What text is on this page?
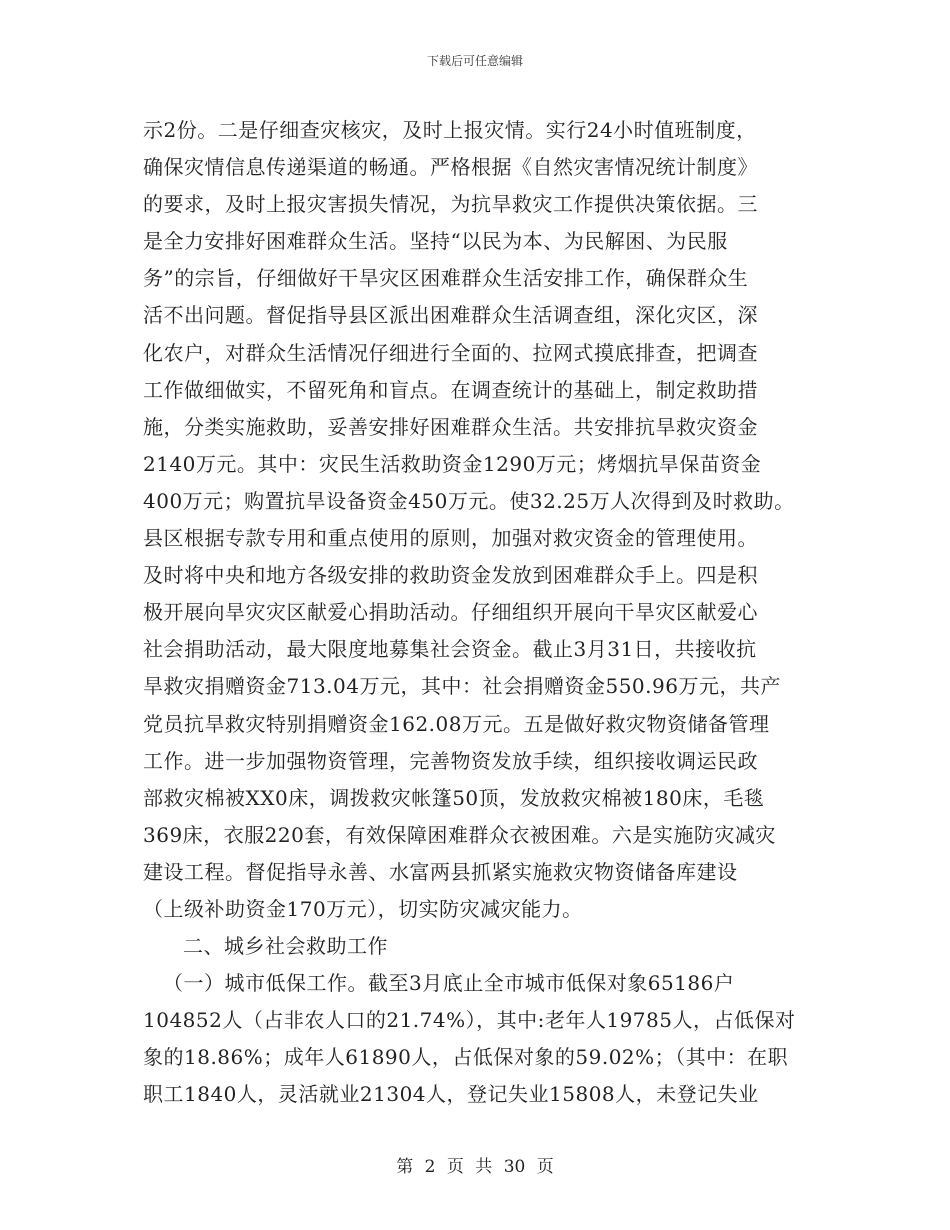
下载后可任意编辑
示2份。二是仔细查灾核灾，及时上报灾情。实行24小时值班制度，
确保灾情信息传递渠道的畅通。严格根据《自然灾害情况统计制度》
的要求，及时上报灾害损失情况，为抗旱救灾工作提供决策依据。三
是全力安排好困难群众生活。坚持“以民为本、为民解困、为民服
务”的宗旨，仔细做好干旱灾区困难群众生活安排工作，确保群众生
活不出问题。督促指导县区派出困难群众生活调查组，深化灾区，深
化农户，对群众生活情况仔细进行全面的、拉网式摸底排查，把调查
工作做细做实，不留死角和盲点。在调查统计的基础上，制定救助措
施，分类实施救助，妥善安排好困难群众生活。共安排抗旱救灾资金
2140万元。其中：灾民生活救助资金1290万元；烤烟抗旱保苗资金
400万元；购置抗旱设备资金450万元。使32.25万人次得到及时救助。
县区根据专款专用和重点使用的原则，加强对救灾资金的管理使用。
及时将中央和地方各级安排的救助资金发放到困难群众手上。四是积
极开展向旱灾灾区献爱心捐助活动。仔细组织开展向干旱灾区献爱心
社会捐助活动，最大限度地募集社会资金。截止3月31日，共接收抗
旱救灾捐赠资金713.04万元，其中：社会捐赠资金550.96万元，共产
党员抗旱救灾特别捐赠资金162.08万元。五是做好救灾物资储备管理
工作。进一步加强物资管理，完善物资发放手续，组织接收调运民政
部救灾棉被XX0床，调拨救灾帐篷50顶，发放救灾棉被180床，毛毯
369床，衣服220套，有效保障困难群众衣被困难。六是实施防灾减灾
建设工程。督促指导永善、水富两县抓紧实施救灾物资储备库建设
（上级补助资金170万元），切实防灾减灾能力。
二、城乡社会救助工作
（一）城市低保工作。截至3月底止全市城市低保对象65186户
104852人（占非农人口的21.74%），其中:老年人19785人，占低保对
象的18.86%；成年人61890人，占低保对象的59.02%；（其中：在职
职工1840人，灵活就业21304人，登记失业15808人，未登记失业
第 2 页 共 30 页
